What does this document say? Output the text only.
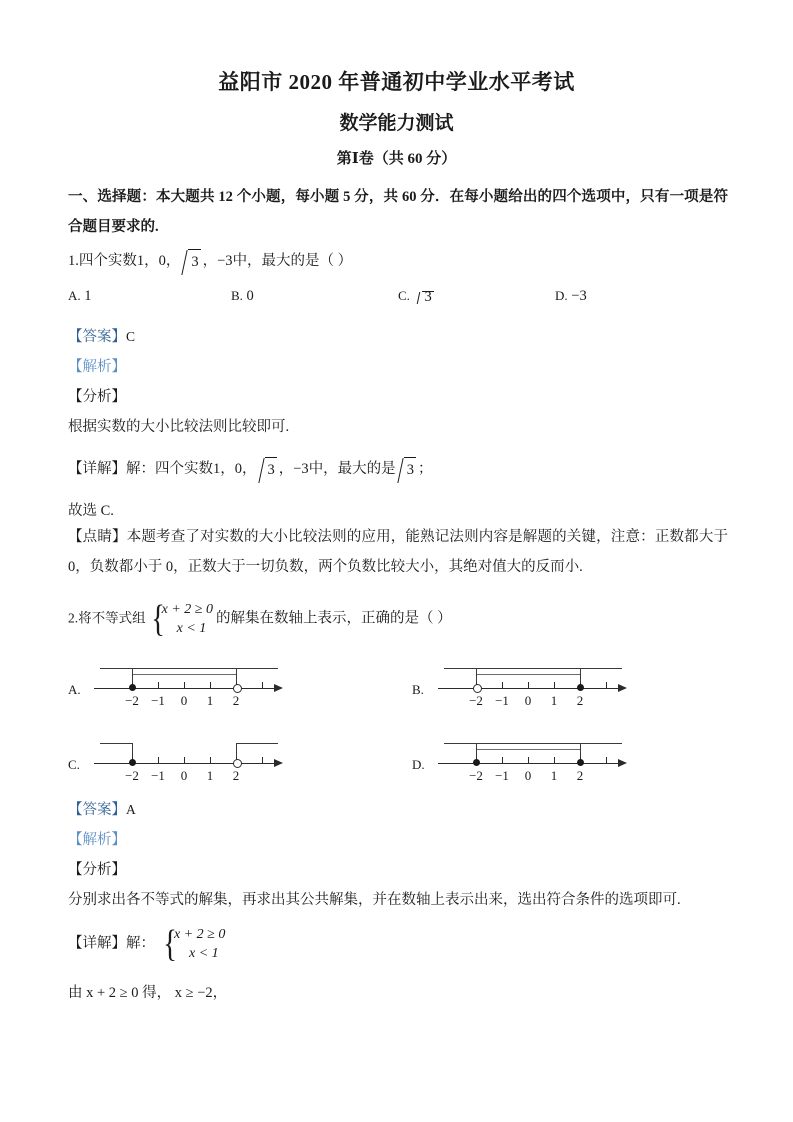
益阳市 2020 年普通初中学业水平考试
数学能力测试
第Ⅰ卷（共 60 分）

一、选择题：本大题共 12 个小题，每小题 5 分，共 60 分．在每小题给出的四个选项中，只有一项是符合题目要求的.

1.四个实数1，0， 3 ，−3中，最大的是（ ）

A. 1	B. 0	C. 3	D. −3

【答案】C

【解析】

【分析】

根据实数的大小比较法则比较即可.

【详解】解：四个实数1，0， 3 ，−3中，最大的是 3 ；

故选 C.

【点睛】本题考查了对实数的大小比较法则的应用，能熟记法则内容是解题的关键，注意：正数都大于 0，负数都小于 0，正数大于一切负数，两个负数比较大小，其绝对值大的反而小.

2.将不等式组 {
x + 2 ≥ 0
x < 1的解集在数轴上表示，正确的是（ ）

A.
−2 −1 0 1 2
B.
−2 −1 0 1 2
C.
−2 −1 0 1 2
D.
−2 −1 0 1 2

【答案】A

【解析】

【分析】

分别求出各不等式的解集，再求出其公共解集，并在数轴上表示出来，选出符合条件的选项即可.

【详解】解： {
x + 2 ≥ 0
x < 1

由 x + 2 ≥ 0 得， x ≥ −2，
